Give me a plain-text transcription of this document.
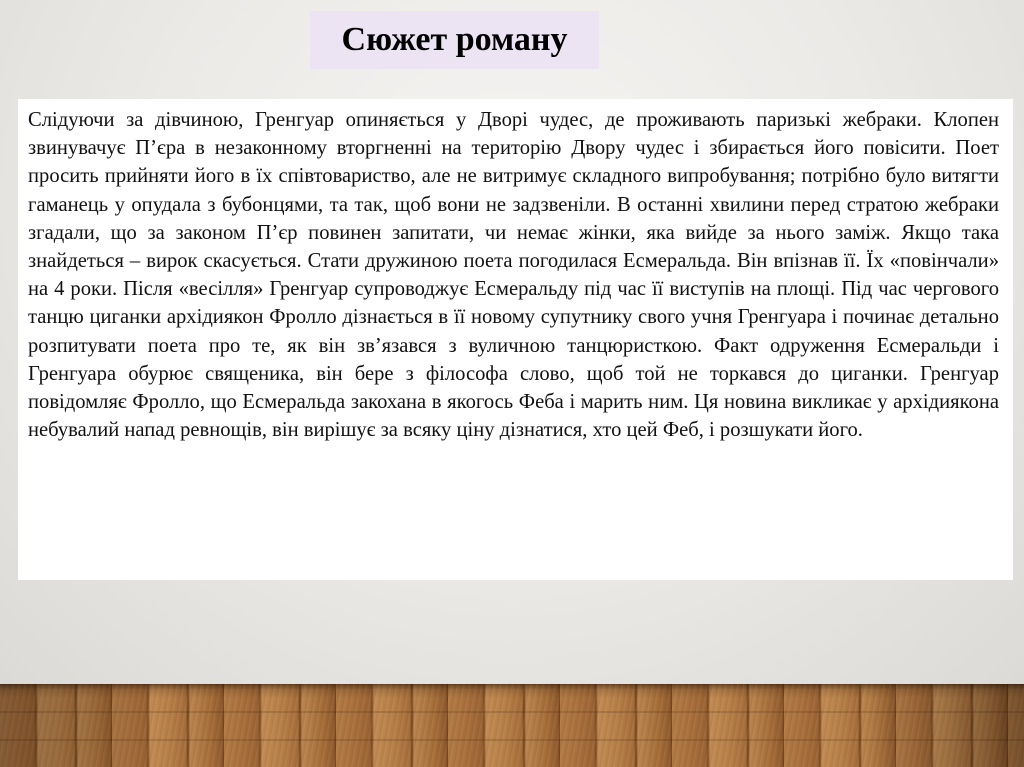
Сюжет роману

Слідуючи за дівчиною, Гренгуар опиняється у Дворі чудес, де проживають паризькі жебраки. Клопен звинувачує П’єра в незаконному вторгненні на територію Двору чудес і збирається його повісити. Поет просить прийняти його в їх співтовариство, але не витримує складного випробування; потрібно було витягти гаманець у опудала з бубонцями, та так, щоб вони не задзвеніли. В останні хвилини перед стратою жебраки згадали, що за законом П’єр повинен запитати, чи немає жінки, яка вийде за нього заміж. Якщо така знайдеться – вирок скасується. Стати дружиною поета погодилася Есмеральда. Він впізнав її. Їх «повінчали» на 4 роки. Після «весілля» Гренгуар супроводжує Есмеральду під час її виступів на площі. Під час чергового танцю циганки архідиякон Фролло дізнається в її новому супутнику свого учня Гренгуара і починає детально розпитувати поета про те, як він зв’язався з вуличною танцюристкою. Факт одруження Есмеральди і Гренгуара обурює священика, він бере з філософа слово, щоб той не торкався до циганки. Гренгуар повідомляє Фролло, що Есмеральда закохана в якогось Феба і марить ним. Ця новина викликає у архідиякона небувалий напад ревнощів, він вирішує за всяку ціну дізнатися, хто цей Феб, і розшукати його.
